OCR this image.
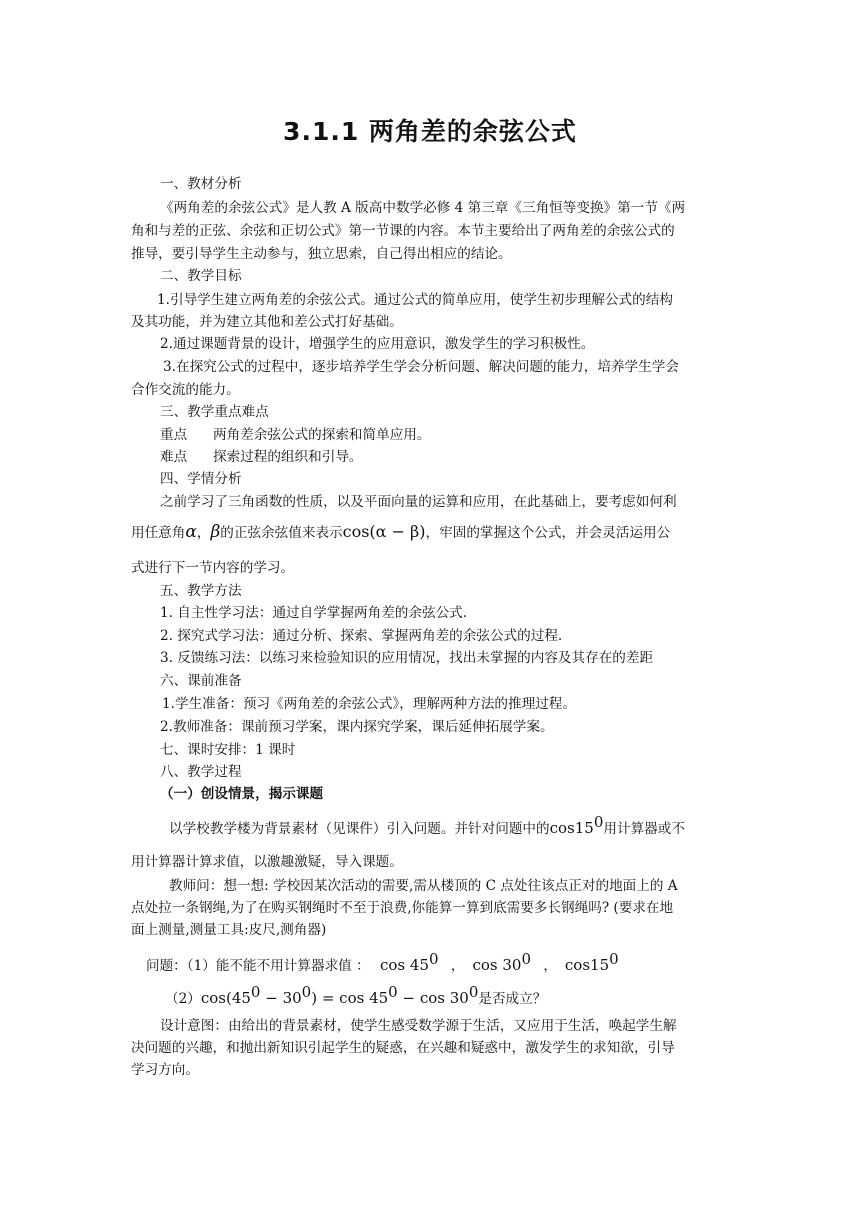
3.1.1 两角差的余弦公式
一、教材分析
《两角差的余弦公式》是人教 A 版高中数学必修 4 第三章《三角恒等变换》第一节《两
角和与差的正弦、余弦和正切公式》第一节课的内容。本节主要给出了两角差的余弦公式的
推导，要引导学生主动参与，独立思索，自己得出相应的结论。
二、教学目标
1.引导学生建立两角差的余弦公式。通过公式的简单应用，使学生初步理解公式的结构
及其功能，并为建立其他和差公式打好基础。
2.通过课题背景的设计，增强学生的应用意识，激发学生的学习积极性。
3.在探究公式的过程中，逐步培养学生学会分析问题、解决问题的能力，培养学生学会
合作交流的能力。
三、教学重点难点
重点 两角差余弦公式的探索和简单应用。
难点 探索过程的组织和引导。
四、学情分析
之前学习了三角函数的性质，以及平面向量的运算和应用，在此基础上，要考虑如何利
用任意角α，β的正弦余弦值来表示cos(α − β)，牢固的掌握这个公式，并会灵活运用公
式进行下一节内容的学习。
五、教学方法
1. 自主性学习法：通过自学掌握两角差的余弦公式.
2. 探究式学习法：通过分析、探索、掌握两角差的余弦公式的过程.
3. 反馈练习法：以练习来检验知识的应用情况，找出未掌握的内容及其存在的差距
六、课前准备
1.学生准备：预习《两角差的余弦公式》，理解两种方法的推理过程。
2.教师准备：课前预习学案，课内探究学案，课后延伸拓展学案。
七、课时安排：1 课时
八、教学过程
（一）创设情景，揭示课题
以学校教学楼为背景素材（见课件）引入问题。并针对问题中的$\cos 15^0$用计算器或不
用计算器计算求值，以激趣激疑，导入课题。
教师问：想一想: 学校因某次活动的需要,需从楼顶的 C 点处往该点正对的地面上的 A
点处拉一条钢绳,为了在购买钢绳时不至于浪费,你能算一算到底需要多长钢绳吗? (要求在地
面上测量,测量工具:皮尺,测角器)
问题：（1）能不能不用计算器求值 ： $\cos 45^0$ ， $\cos 30^0$ ， $\cos 15^0$
$(2)\cos(45^0 - 30^0) = \cos 45^0 - \cos 30^0$是否成立？
设计意图：由给出的背景素材，使学生感受数学源于生活，又应用于生活，唤起学生解
决问题的兴趣，和抛出新知识引起学生的疑惑，在兴趣和疑惑中，激发学生的求知欲，引导
学习方向。
